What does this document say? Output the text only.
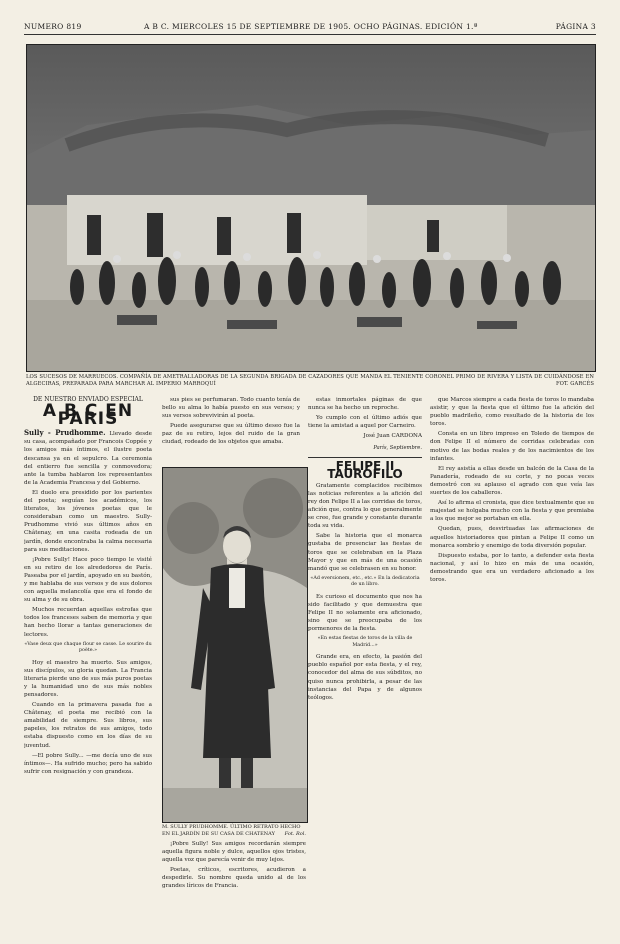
NUMERO 819	A B C. MIERCOLES 15 DE SEPTIEMBRE DE 1905. OCHO PÁGINAS. EDICIÓN 1.ª	PÁGINA 3
LOS SUCESOS DE MARRUECOS. COMPAÑÍA DE AMETRALLADORAS DE LA SEGUNDA BRIGADA DE CAZADORES QUE MANDA EL TENIENTE CORONEL PRIMO DE RIVERA Y LISTA DE CUIDÁNDOSE EN ALGECIRAS, PREPARADA PARA MARCHAR AL IMPERIO MARROQUÍ	FOT. GARCÉS
DE NUESTRO ENVIADO ESPECIAL
A B C EN PARIS

Sully - Prudhomme. Llevado desde su casa, acompañado por Francois Coppée y los amigos más íntimos, el ilustre poeta descansa ya en el sepulcro. La ceremonia del entierro fue sencilla y conmovedora; ante la tumba hablaron los representantes de la Academia Francesa y del Gobierno.

El duelo era presidido por los parientes del poeta; seguían los académicos, los literatos, los jóvenes poetas que le consideraban como un maestro. Sully-Prudhomme vivió sus últimos años en Châtenay, en una casita rodeada de un jardín, donde encontraba la calma necesaria para sus meditaciones.

¡Pobre Sully! Hace poco tiempo le visité en su retiro de los alrededores de París. Paseaba por el jardín, apoyado en su bastón, y me hablaba de sus versos y de sus dolores con aquella melancolía que era el fondo de su alma y de su obra.

Muchos recuerdan aquellas estrofas que todos los franceses saben de memoria y que han hecho llorar a tantas generaciones de lectores.

«Vase deux que chaque flour se casse. Le sourire du poète.»

Hoy el maestro ha muerto. Sus amigos, sus discípulos, su gloria quedan. La Francia literaria pierde uno de sus más puros poetas y la humanidad uno de sus más nobles pensadores.

Cuando en la primavera pasada fue a Châtenay, el poeta me recibió con la amabilidad de siempre. Sus libros, sus papeles, los retratos de sus amigos, todo estaba dispuesto como en los días de su juventud.

—El pobre Sully... —me decía uno de sus íntimos—. Ha sufrido mucho; pero ha sabido sufrir con resignación y con grandeza.

sus pies se perfumaran. Todo cuanto tenía de bello su alma lo había puesto en sus versos; y sus versos sobrevivirán al poeta.

Puede asegurarse que su último deseo fue la paz de su retiro, lejos del ruido de la gran ciudad, rodeado de los objetos que amaba.

M. SULLY PRUDHOMME. ÚLTIMO RETRATO HECHO EN EL JARDÍN DE SU CASA DE CHATENAY Fot. Rol.

¡Pobre Sully! Sus amigos recordarán siempre aquella figura noble y dulce, aquellos ojos tristes, aquella voz que parecía venir de muy lejos.

Poetas, críticos, escritores, acudieron a despedirle. Su nombre queda unido al de los grandes líricos de Francia.

estas inmortales páginas de que nunca se ha hecho un reproche.

Yo cumplo con el último adiós que tiene la amistad a aquel por Carneiro.

José Juan CARDONA
París, Septiembre.
FELIPE II TAURÓFILO

Gratamente complacidos recibimos las noticias referentes a la afición del rey don Felipe II a las corridas de toros, afición que, contra lo que generalmente se cree, fue grande y constante durante toda su vida.

Sabe la historia que el monarca gustaba de presenciar las fiestas de toros que se celebraban en la Plaza Mayor y que en más de una ocasión mandó que se celebrasen en su honor.

«Ad eversionem, etc., etc.» En la dedicatoria de un libro.

Es curioso el documento que nos ha sido facilitado y que demuestra que Felipe II no solamente era aficionado, sino que se preocupaba de los pormenores de la fiesta.

«En estas fiestas de toros de la villa de Madrid...»

Grande era, en efecto, la pasión del pueblo español por esta fiesta, y el rey, conocedor del alma de sus súbditos, no quiso nunca prohibirla, a pesar de las instancias del Papa y de algunos teólogos.

que Marcos siempre a cada fiesta de toros lo mandaba asistir, y que la fiesta que el último fue la afición del pueblo madrileño, como resultado de la historia de los toros.

Consta en un libro impreso en Toledo de tiempos de don Felipe II el número de corridas celebradas con motivo de las bodas reales y de los nacimientos de los infantes.

El rey asistía a ellas desde un balcón de la Casa de la Panadería, rodeado de su corte, y no pocas veces demostró con su aplauso el agrado con que veía las suertes de los caballeros.

Así lo afirma el cronista, que dice textualmente que su majestad se holgaba mucho con la fiesta y que premiaba a los que mejor se portaban en ella.

Quedan, pues, desvirtuadas las afirmaciones de aquellos historiadores que pintan a Felipe II como un monarca sombrío y enemigo de toda diversión popular.

Dispuesto estaba, por lo tanto, a defender esta fiesta nacional, y así lo hizo en más de una ocasión, demostrando que era un verdadero aficionado a los toros.
